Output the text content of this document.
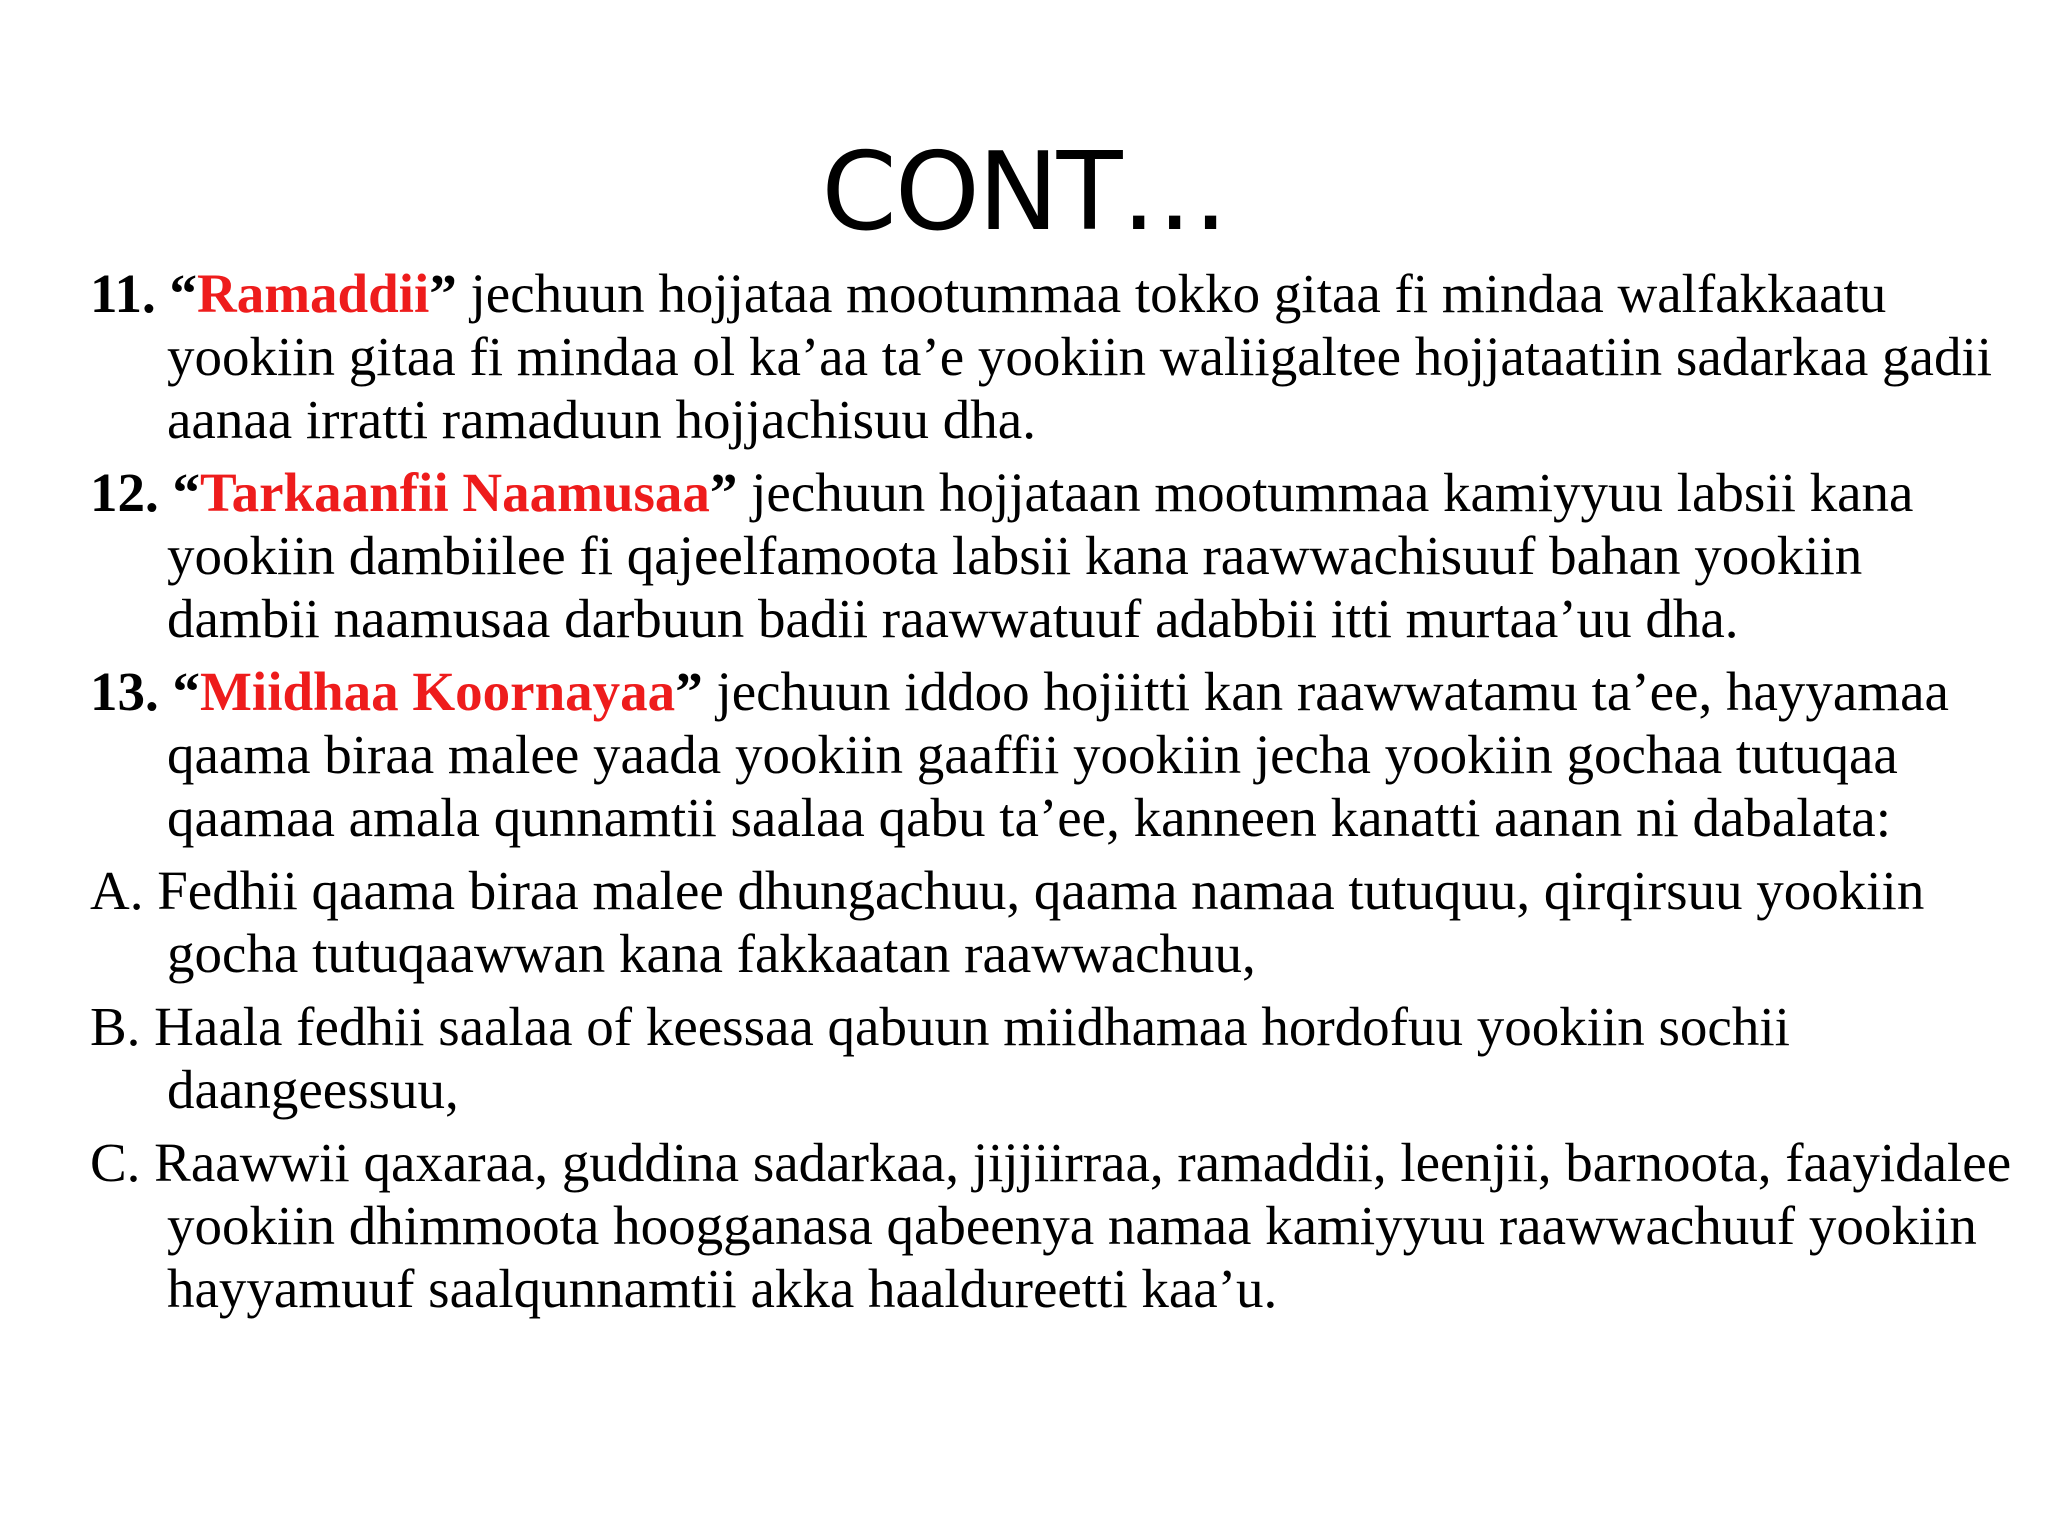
CONT…

11. “Ramaddii” jechuun hojjataa mootummaa tokko gitaa fi mindaa walfakkaatu yookiin gitaa fi mindaa ol ka’aa ta’e yookiin waliigaltee hojjataatiin sadarkaa gadii aanaa irratti ramaduun hojjachisuu dha.

12. “Tarkaanfii Naamusaa” jechuun hojjataan mootummaa kamiyyuu labsii kana yookiin dambiilee fi qajeelfamoota labsii kana raawwachisuuf bahan yookiin dambii naamusaa darbuun badii raawwatuuf adabbii itti murtaa’uu dha.

13. “Miidhaa Koornayaa” jechuun iddoo hojiitti kan raawwatamu ta’ee, hayyamaa qaama biraa malee yaada yookiin gaaffii yookiin jecha yookiin gochaa tutuqaa qaamaa amala qunnamtii saalaa qabu ta’ee, kanneen kanatti aanan ni dabalata:

A. Fedhii qaama biraa malee dhungachuu, qaama namaa tutuquu, qirqirsuu yookiin gocha tutuqaawwan kana fakkaatan raawwachuu,

B. Haala fedhii saalaa of keessaa qabuun miidhamaa hordofuu yookiin sochii daangeessuu,

C. Raawwii qaxaraa, guddina sadarkaa, jijjiirraa, ramaddii, leenjii, barnoota, faayidalee yookiin dhimmoota hoogganasa qabeenya namaa kamiyyuu raawwachuuf yookiin hayyamuuf saalqunnamtii akka haaldureetti kaa’u.
